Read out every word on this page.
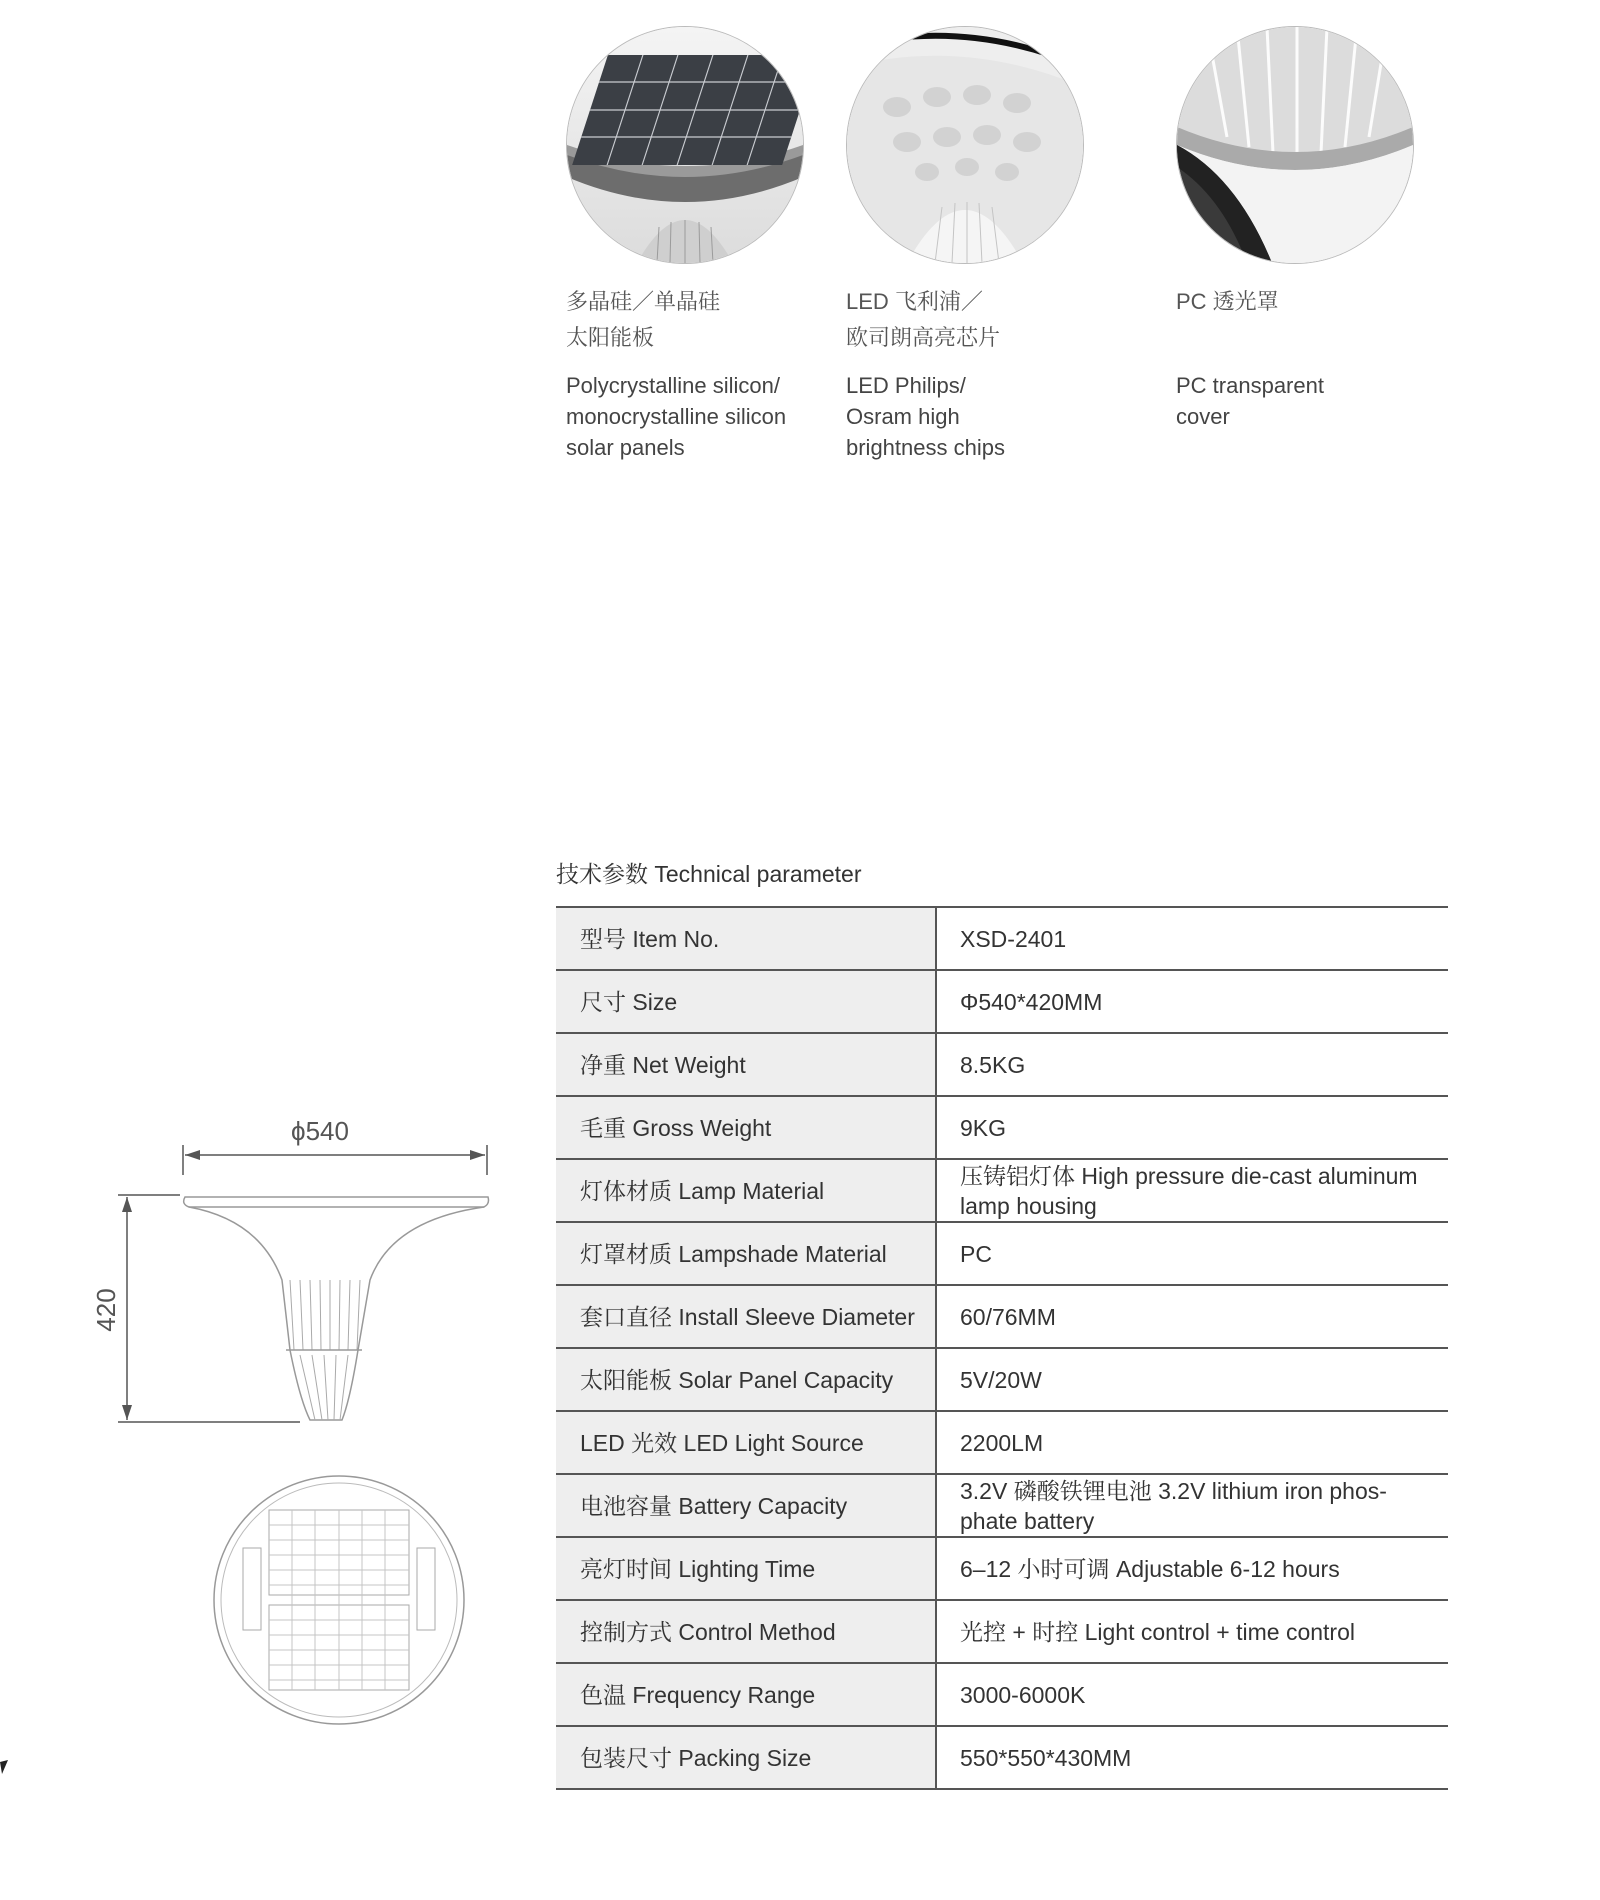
多晶硅／单晶硅
太阳能板
Polycrystalline silicon/
monocrystalline silicon
solar panels
LED 飞利浦／
欧司朗高亮芯片
LED Philips/
Osram high
brightness chips
PC 透光罩
PC transparent
cover
ϕ540
420
技术参数 Technical parameter
型号 Item No.	XSD-2401
尺寸 Size	Φ540*420MM
净重 Net Weight	8.5KG
毛重 Gross Weight	9KG
灯体材质 Lamp Material	压铸铝灯体 High pressure die-cast aluminum lamp housing
灯罩材质 Lampshade Material	PC
套口直径 Install Sleeve Diameter	60/76MM
太阳能板 Solar Panel Capacity	5V/20W
LED 光效 LED Light Source	2200LM
电池容量 Battery Capacity	3.2V 磷酸铁锂电池 3.2V lithium iron phos-phate battery
亮灯时间 Lighting Time	6–12 小时可调 Adjustable 6-12 hours
控制方式 Control Method	光控 + 时控 Light control + time control
色温 Frequency Range	3000-6000K
包装尺寸 Packing Size	550*550*430MM
